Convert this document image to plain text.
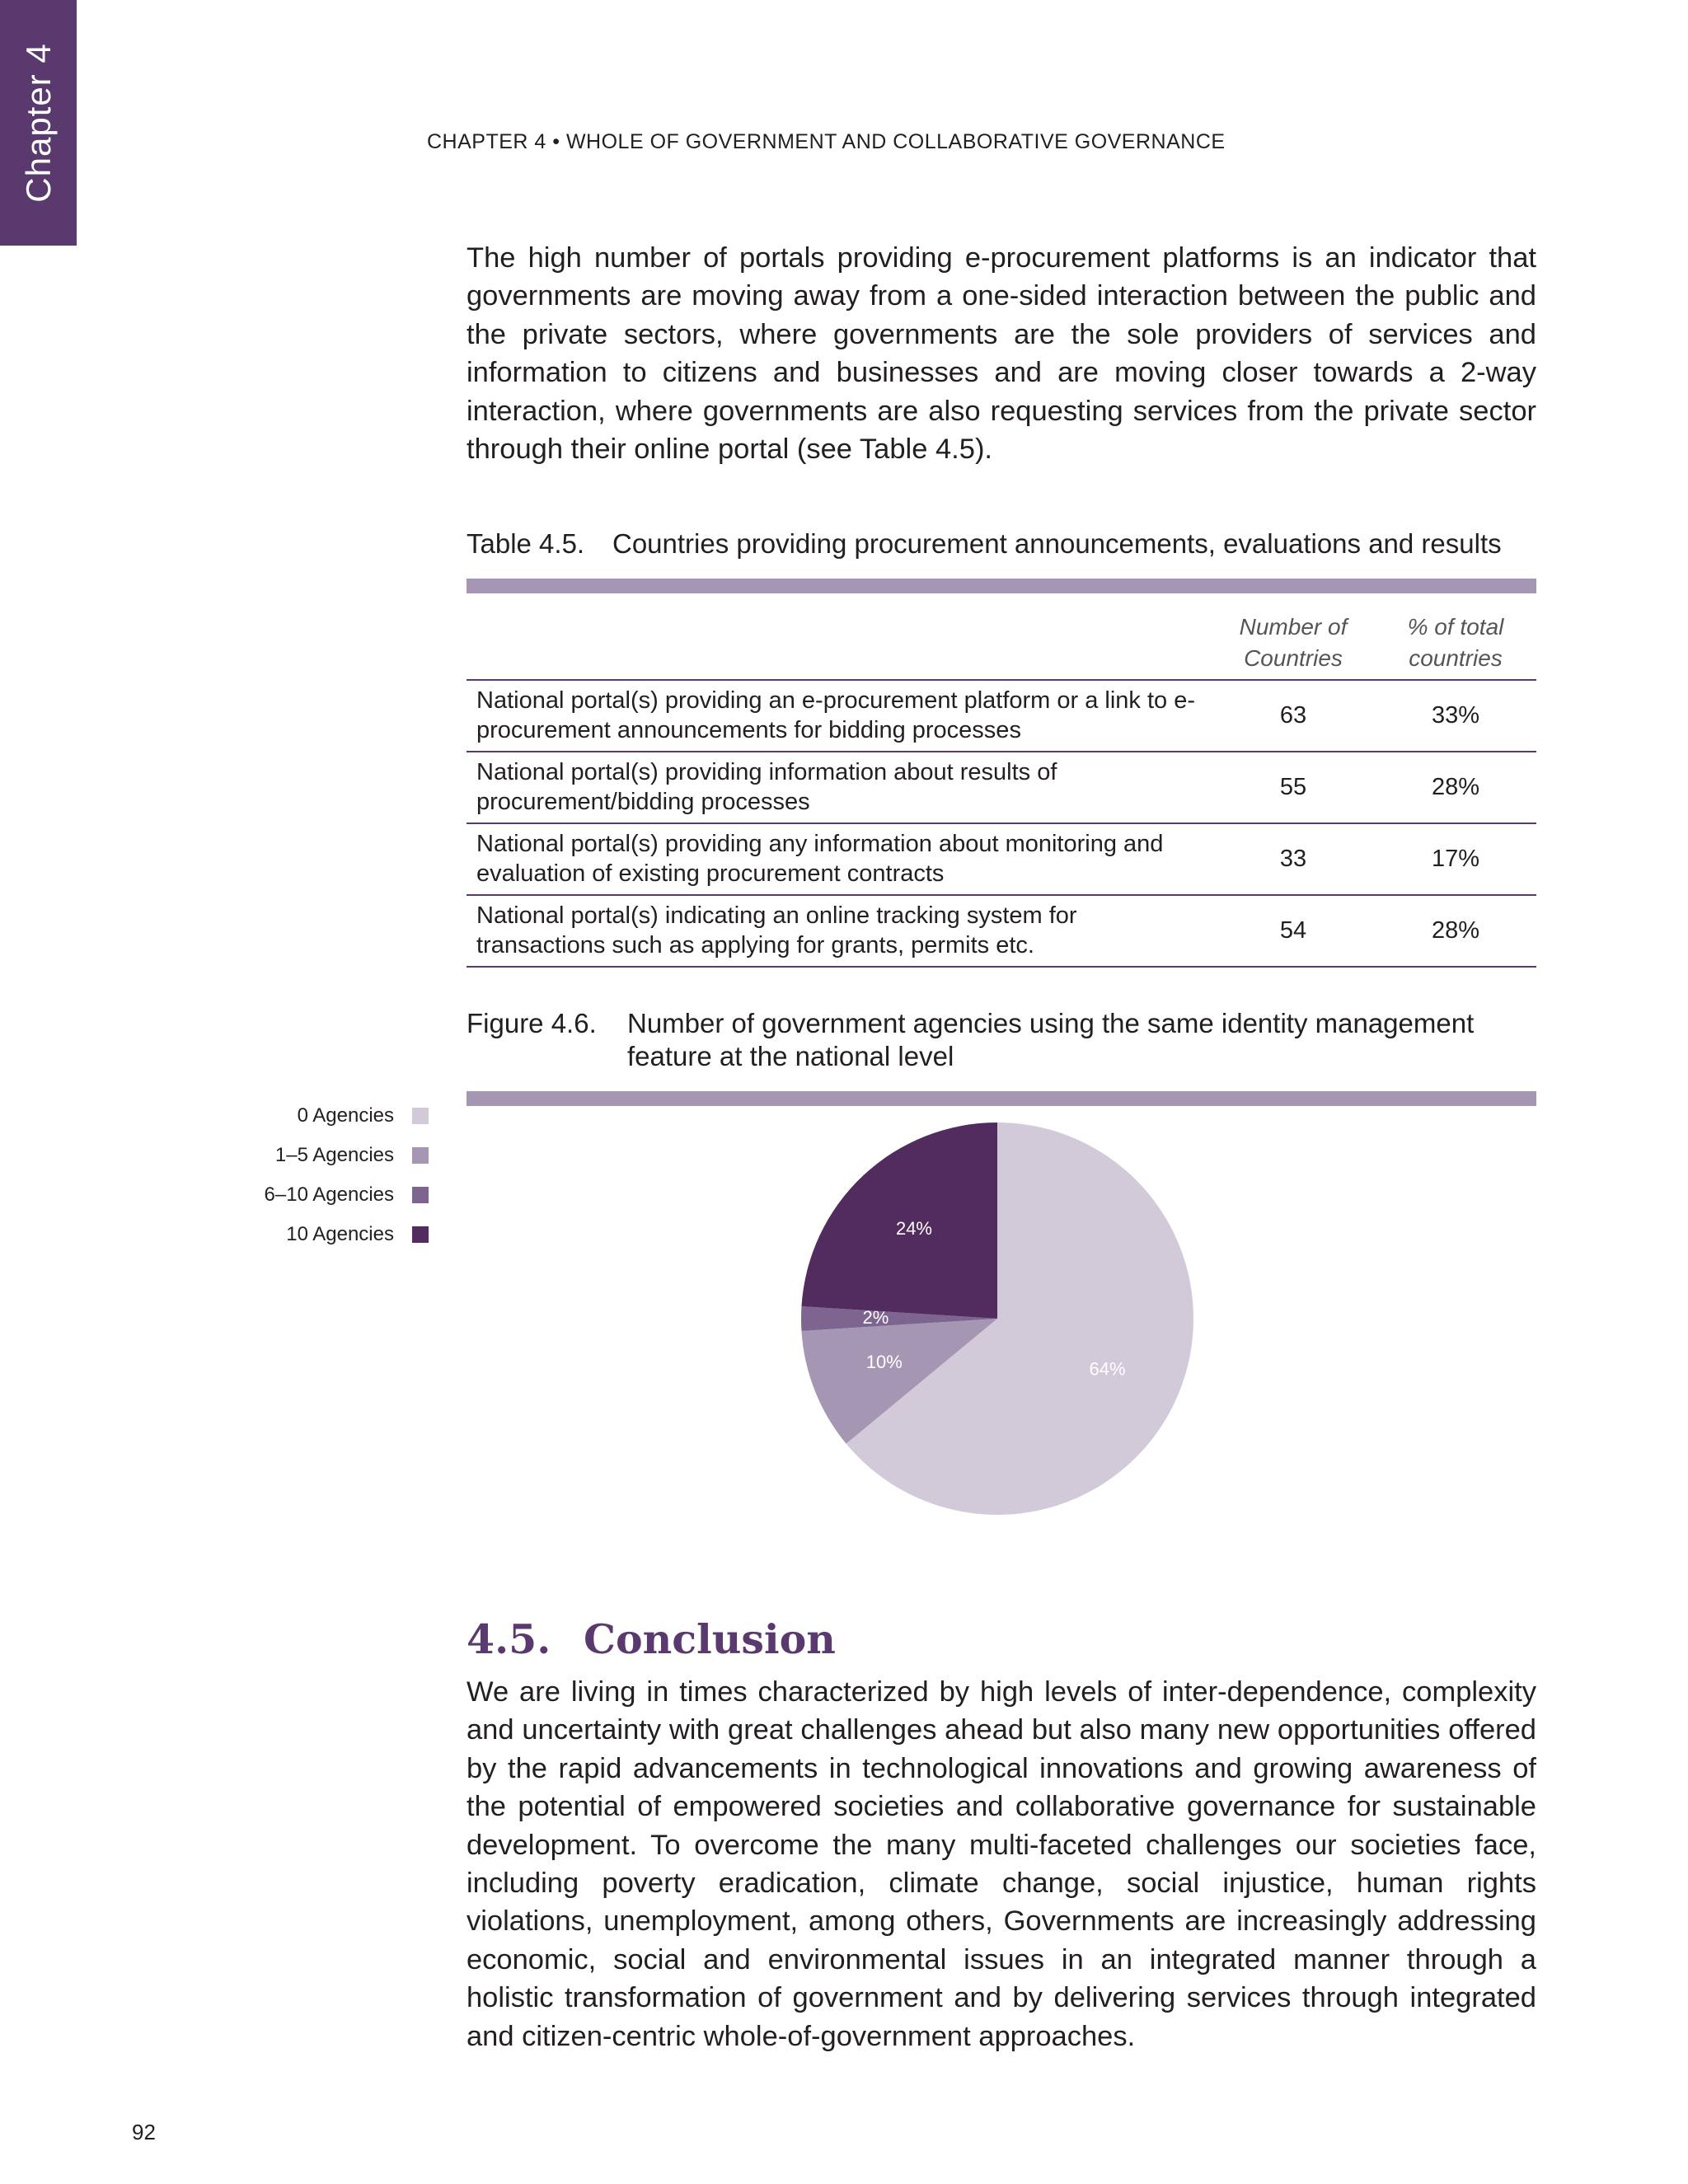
Chapter 4	CHAPTER 4 • WHOLE OF GOVERNMENT AND COLLABORATIVE GOVERNANCE

The high number of portals providing e-procurement platforms is an indicator that governments are moving away from a one-sided interaction between the public and the private sectors, where governments are the sole providers of services and information to citizens and businesses and are moving closer towards a 2-way interaction, where governments are also requesting services from the private sector through their online portal (see Table 4.5).

Table 4.5.	Countries providing procurement announcements, evaluations and results
	Number of Countries	% of total countries
National portal(s) providing an e-procurement platform or a link to e-procurement announcements for bidding processes	63	33%
National portal(s) providing information about results of procurement/bidding processes	55	28%
National portal(s) providing any information about monitoring and evaluation of existing procurement contracts	33	17%
National portal(s) indicating an online tracking system for transactions such as applying for grants, permits etc.	54	28%
Figure 4.6.	Number of government agencies using the same identity management feature at the national level
0 Agencies
1–5 Agencies
6–10 Agencies
10 Agencies
64%
10%
2%
24%
4.5. Conclusion

We are living in times characterized by high levels of inter-dependence, complexity and uncertainty with great challenges ahead but also many new opportunities offered by the rapid advancements in technological innovations and growing awareness of the potential of empowered societies and collaborative governance for sustainable development. To overcome the many multi-faceted challenges our societies face, including poverty eradication, climate change, social injustice, human rights violations, unemployment, among others, Governments are increasingly addressing economic, social and environmental issues in an integrated manner through a holistic transformation of government and by delivering services through integrated and citizen-centric whole-of-government approaches.

92
